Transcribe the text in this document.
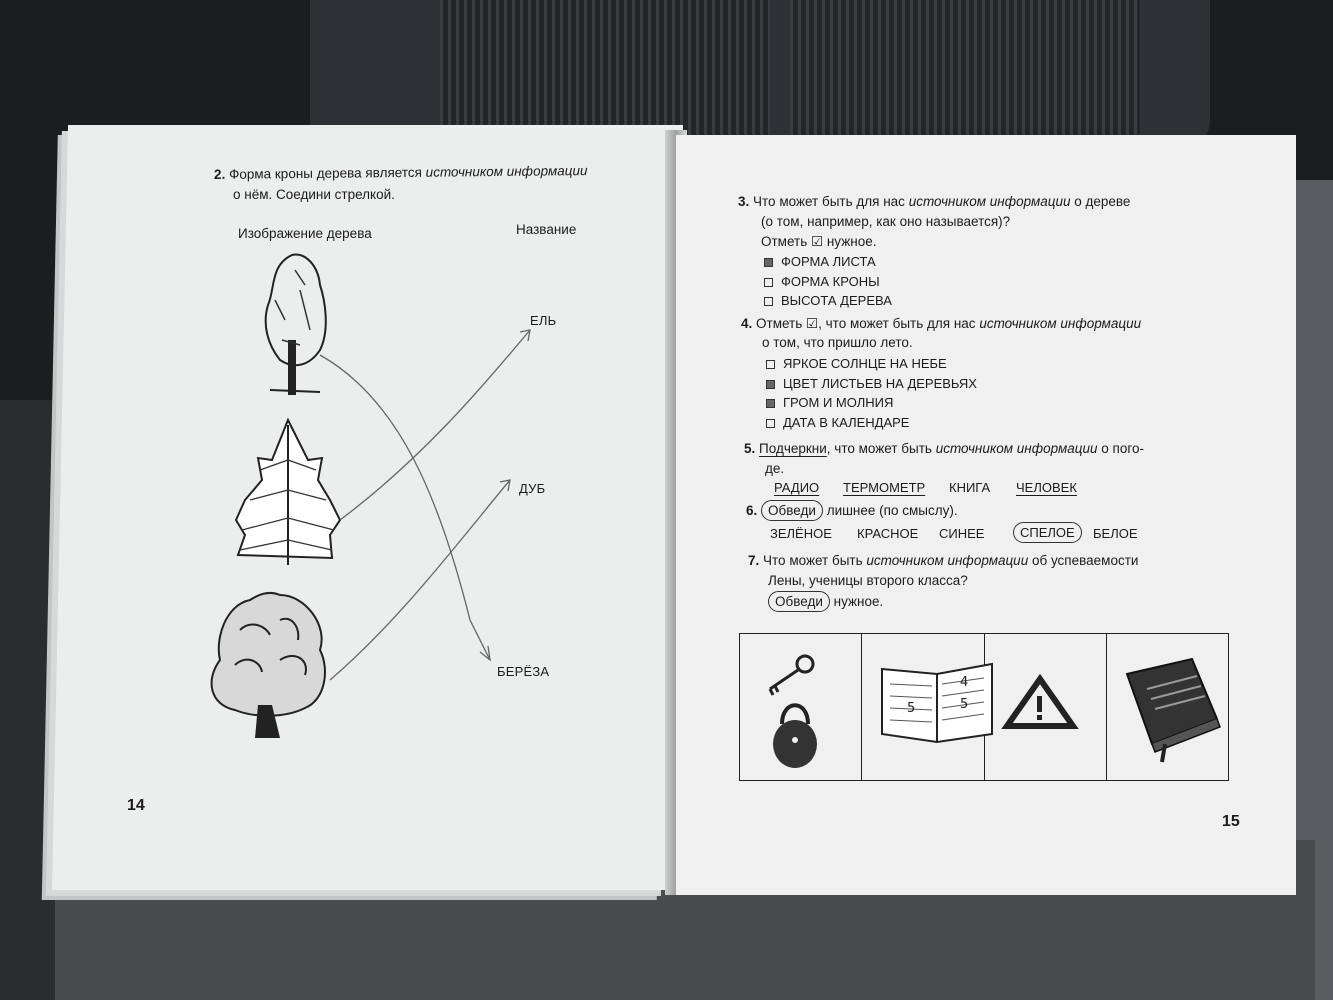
2. Форма кроны дерева является источником информации
о нём. Соедини стрелкой.
Изображение дерева	Название
ЕЛЬ
ДУБ
БЕРЁЗА
14
3. Что может быть для нас источником информации о дереве
(о том, например, как оно называется)?
Отметь ☑ нужное.
ФОРМА ЛИСТА
ФОРМА КРОНЫ
ВЫСОТА ДЕРЕВА
4. Отметь ☑, что может быть для нас источником информации
о том, что пришло лето.
ЯРКОЕ СОЛНЦЕ НА НЕБЕ
ЦВЕТ ЛИСТЬЕВ НА ДЕРЕВЬЯХ
ГРОМ И МОЛНИЯ
ДАТА В КАЛЕНДАРЕ
5. Подчеркни, что может быть источником информации о пого-
де.
РАДИО ТЕРМОМЕТР КНИГА ЧЕЛОВЕК
6. Обведи лишнее (по смыслу).
ЗЕЛЁНОЕ КРАСНОЕ СИНЕЕ	СПЕЛОЕ	БЕЛОЕ
7. Что может быть источником информации об успеваемости
Лены, ученицы второго класса?
Обведи нужное.
5
4
5
15
